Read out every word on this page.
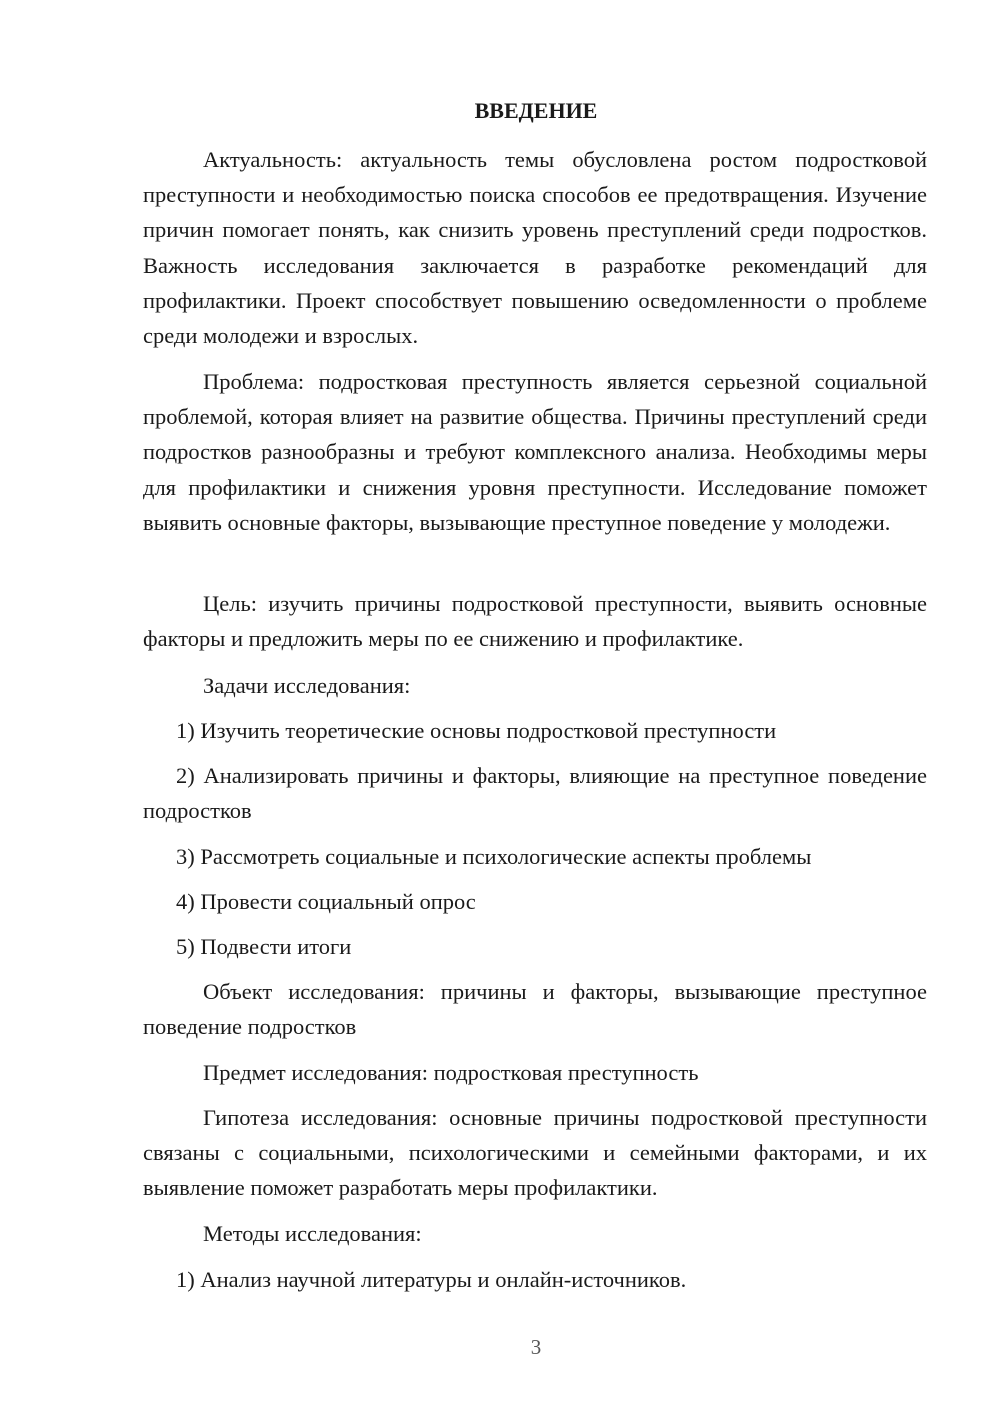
ВВЕДЕНИЕ

Актуальность: актуальность темы обусловлена ростом подростковой преступности и необходимостью поиска способов ее предотвращения. Изучение причин помогает понять, как снизить уровень преступлений среди подростков. Важность исследования заключается в разработке рекомендаций для профилактики. Проект способствует повышению осведомленности о проблеме среди молодежи и взрослых.

Проблема: подростковая преступность является серьезной социальной проблемой, которая влияет на развитие общества. Причины преступлений среди подростков разнообразны и требуют комплексного анализа. Необходимы меры для профилактики и снижения уровня преступности. Исследование поможет выявить основные факторы, вызывающие преступное поведение у молодежи.

Цель: изучить причины подростковой преступности, выявить основные факторы и предложить меры по ее снижению и профилактике.

Задачи исследования:

1) Изучить теоретические основы подростковой преступности

2) Анализировать причины и факторы, влияющие на преступное поведение подростков

3) Рассмотреть социальные и психологические аспекты проблемы

4) Провести социальный опрос

5) Подвести итоги

Объект исследования: причины и факторы, вызывающие преступное поведение подростков

Предмет исследования: подростковая преступность

Гипотеза исследования: основные причины подростковой преступности связаны с социальными, психологическими и семейными факторами, и их выявление поможет разработать меры профилактики.

Методы исследования:

1) Анализ научной литературы и онлайн-источников.

3
